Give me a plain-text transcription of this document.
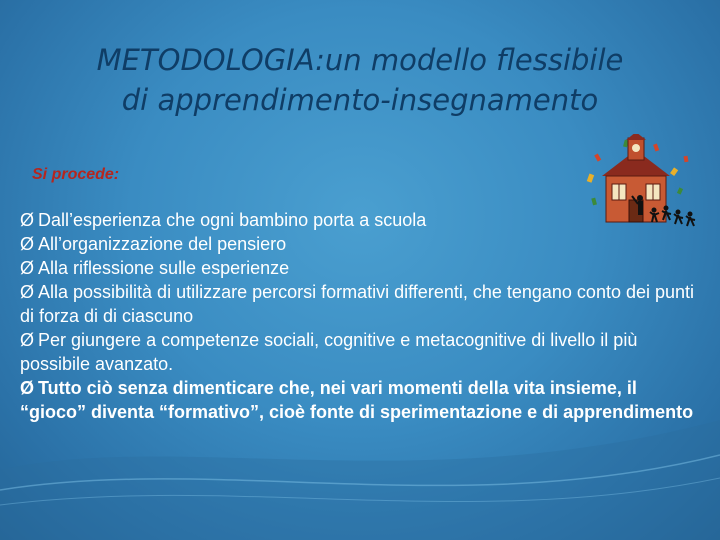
METODOLOGIA:un modello flessibile
di apprendimento-insegnamento
Si procede:
Ø Dall’esperienza che ogni bambino porta a scuola
Ø All’organizzazione del pensiero
Ø Alla riflessione sulle esperienze
Ø Alla possibilità di utilizzare percorsi formativi differenti, che tengano conto dei punti di forza di di ciascuno
Ø Per giungere a competenze sociali, cognitive e metacognitive di livello il più possibile avanzato.
Ø Tutto ciò senza dimenticare che, nei vari momenti della vita insieme, il “gioco” diventa “formativo”, cioè fonte di sperimentazione e di apprendimento
